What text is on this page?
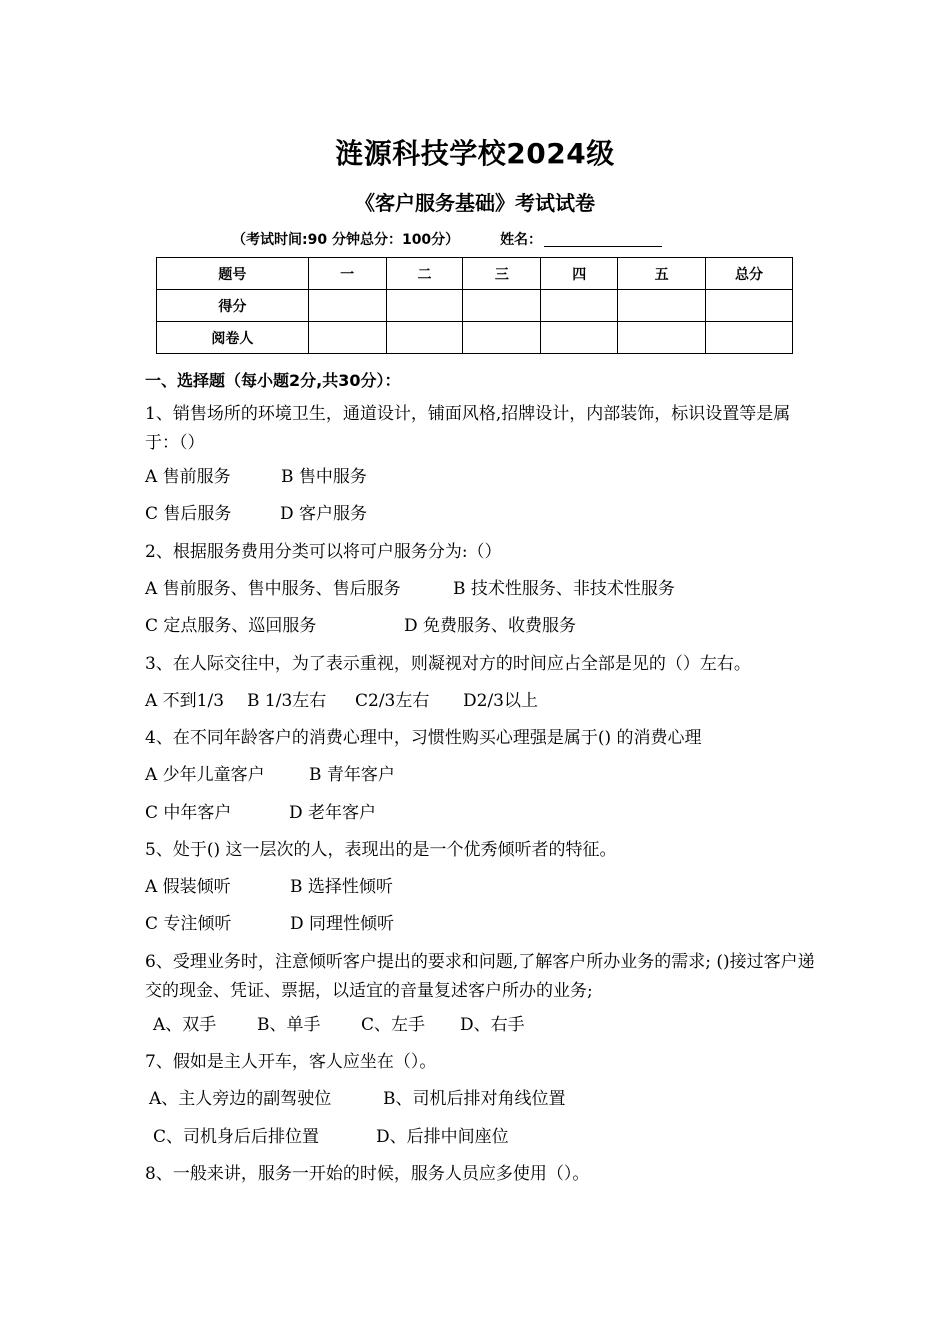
涟源科技学校2024级
《客户服务基础》考试试卷
（考试时间:90 分钟总分：100分）	姓名：
题号	一	二	三	四	五	总分
得分						
阅卷人						
一、选择题（每小题2分,共30分）：
1、销售场所的环境卫生，通道设计，铺面风格,招牌设计，内部装饰，标识设置等是属于：（）
A 售前服务	B 售中服务
C 售后服务	D 客户服务
2、根据服务费用分类可以将可户服务分为:（）
A 售前服务、售中服务、售后服务	B 技术性服务、非技术性服务
C 定点服务、巡回服务	D 免费服务、收费服务
3、在人际交往中，为了表示重视，则凝视对方的时间应占全部是见的（）左右。
A 不到1/3 B 1/3左右 C2/3左右 D2/3以上
4、在不同年龄客户的消费心理中，习惯性购买心理强是属于() 的消费心理
A 少年儿童客户	B 青年客户
C 中年客户	D 老年客户
5、处于() 这一层次的人，表现出的是一个优秀倾听者的特征。
A 假装倾听	B 选择性倾听
C 专注倾听	D 同理性倾听
6、受理业务时，注意倾听客户提出的要求和问题,了解客户所办业务的需求; ()接过客户递交的现金、凭证、票据，以适宜的音量复述客户所办的业务;
A、双手 B、单手 C、左手 D、右手
7、假如是主人开车，客人应坐在（）。
A、主人旁边的副驾驶位	B、司机后排对角线位置
C、司机身后后排位置	D、后排中间座位
8、一般来讲，服务一开始的时候，服务人员应多使用（）。
